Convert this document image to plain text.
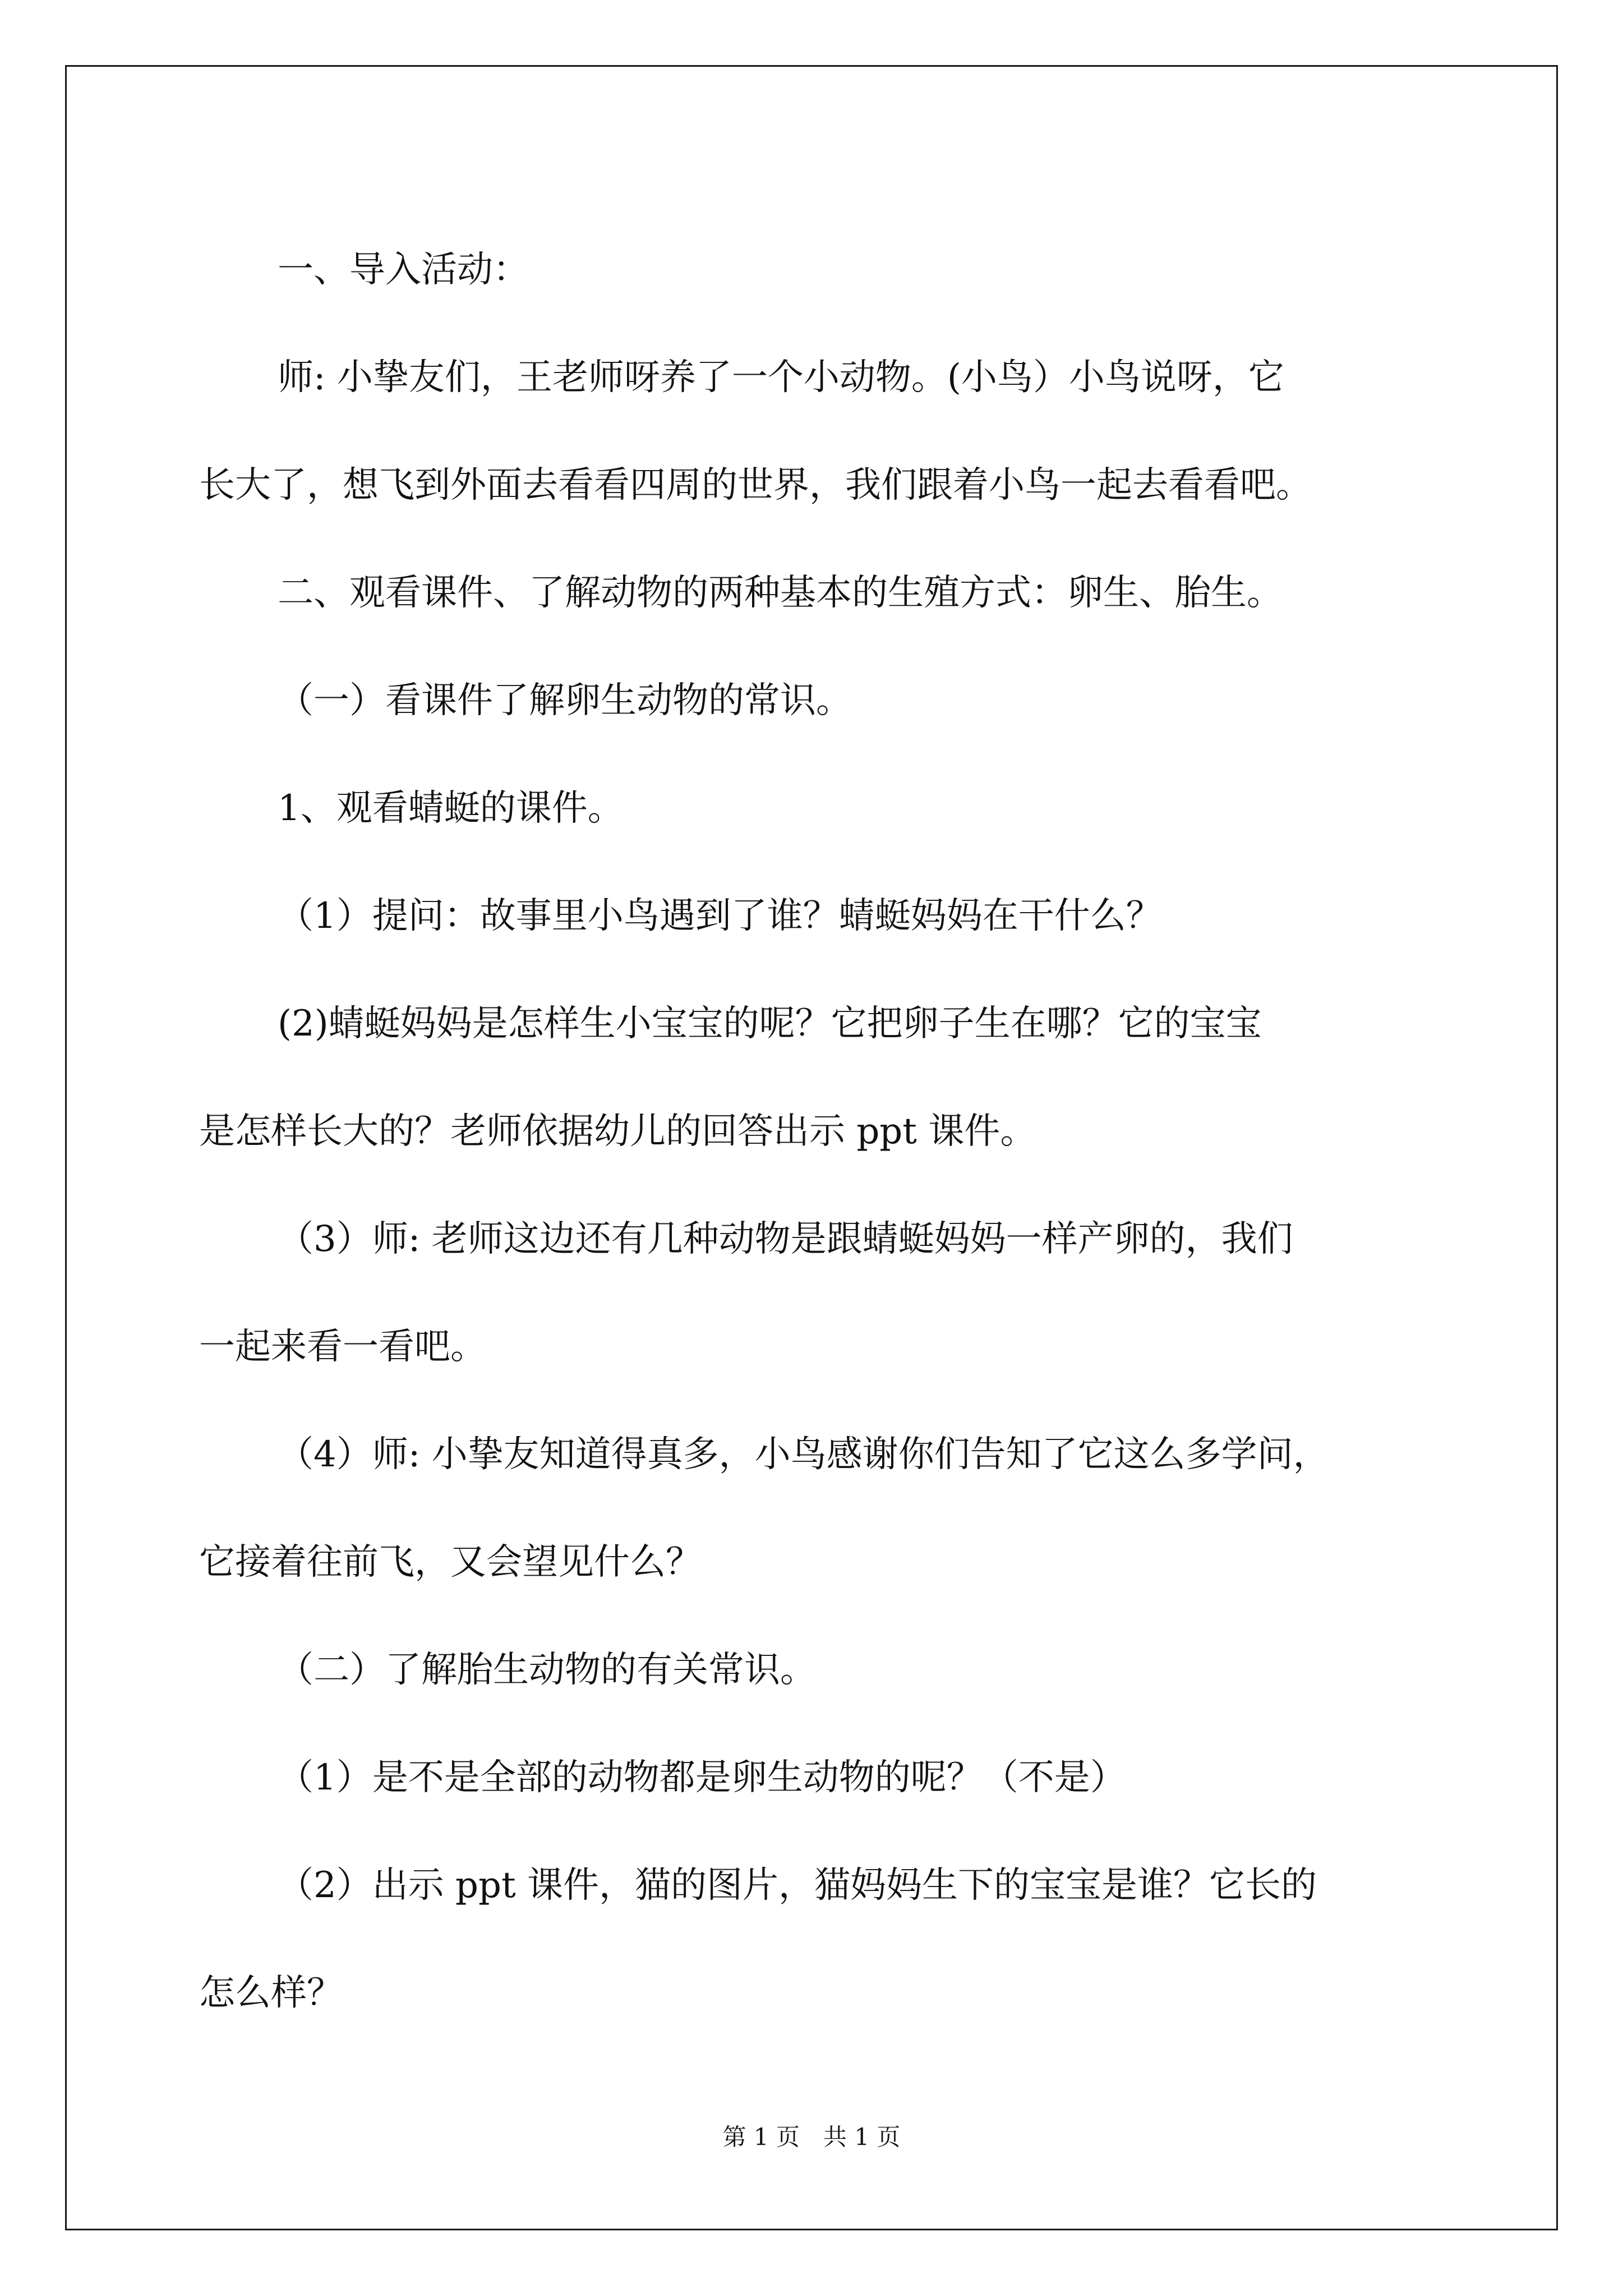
一、导入活动：

师: 小挚友们，王老师呀养了一个小动物。(小鸟）小鸟说呀，它

长大了，想飞到外面去看看四周的世界，我们跟着小鸟一起去看看吧。

二、观看课件、了解动物的两种基本的生殖方式：卵生、胎生。

（一）看课件了解卵生动物的常识。

1、观看蜻蜓的课件。

（1）提问：故事里小鸟遇到了谁？蜻蜓妈妈在干什么？

(2)蜻蜓妈妈是怎样生小宝宝的呢？它把卵子生在哪？它的宝宝

是怎样长大的？老师依据幼儿的回答出示 ppt 课件。

（3）师: 老师这边还有几种动物是跟蜻蜓妈妈一样产卵的，我们

一起来看一看吧。

（4）师: 小挚友知道得真多，小鸟感谢你们告知了它这么多学问，

它接着往前飞，又会望见什么？

（二）了解胎生动物的有关常识。

（1）是不是全部的动物都是卵生动物的呢？（不是）

（2）出示 ppt 课件，猫的图片，猫妈妈生下的宝宝是谁？它长的

怎么样？

第 1 页　共 1 页
